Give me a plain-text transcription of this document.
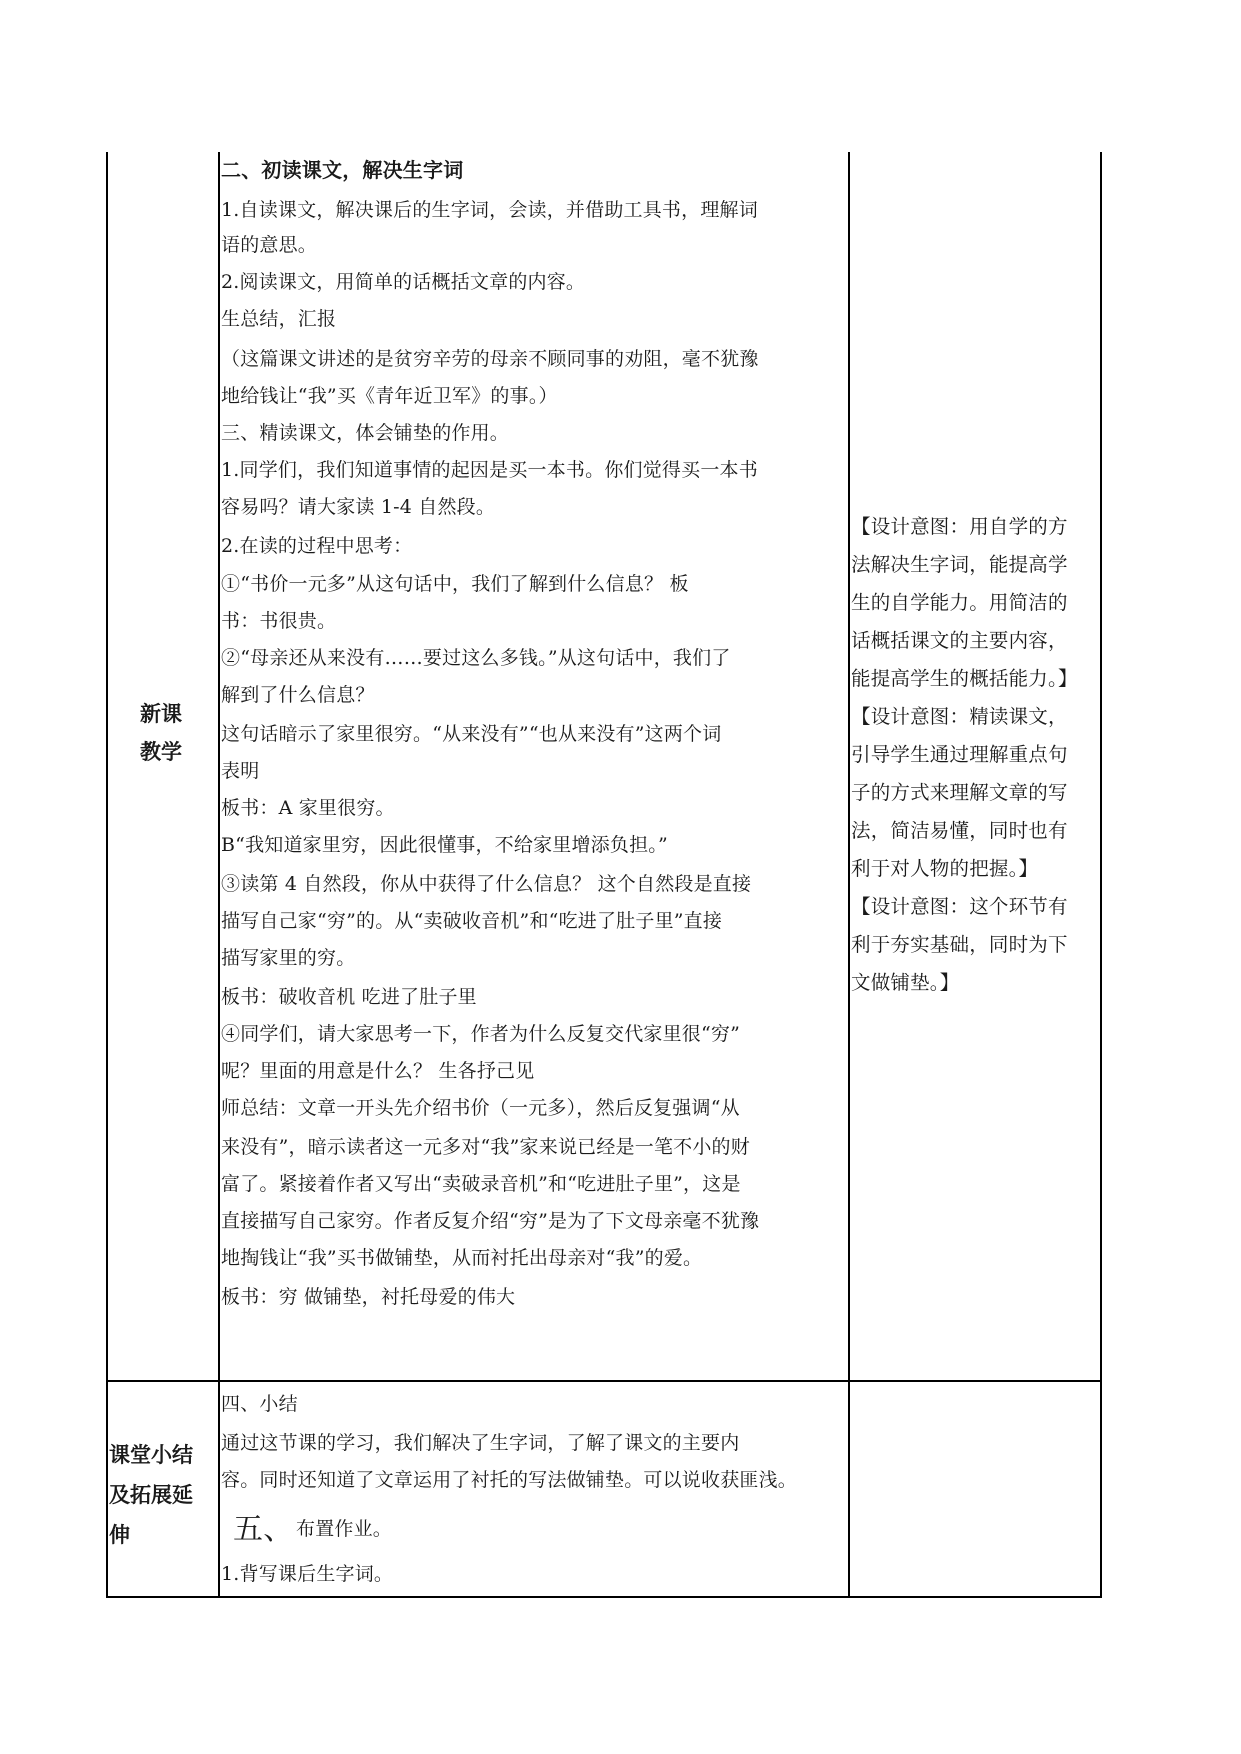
新课
教学
二、初读课文，解决生字词
1.自读课文，解决课后的生字词，会读，并借助工具书，理解词
语的意思。
2.阅读课文，用简单的话概括文章的内容。
生总结，汇报
（这篇课文讲述的是贫穷辛劳的母亲不顾同事的劝阻，毫不犹豫
地给钱让“我”买《青年近卫军》的事。）
三、精读课文，体会铺垫的作用。
1.同学们，我们知道事情的起因是买一本书。你们觉得买一本书
容易吗？请大家读 1-4 自然段。
2.在读的过程中思考：
①“书价一元多”从这句话中，我们了解到什么信息？ 板
书：书很贵。
②“母亲还从来没有……要过这么多钱。”从这句话中，我们了
解到了什么信息？
这句话暗示了家里很穷。“从来没有”“也从来没有”这两个词
表明
板书：A 家里很穷。
B“我知道家里穷，因此很懂事，不给家里增添负担。”
③读第 4 自然段，你从中获得了什么信息？ 这个自然段是直接
描写自己家“穷”的。从“卖破收音机”和“吃进了肚子里”直接
描写家里的穷。
板书：破收音机 吃进了肚子里
④同学们，请大家思考一下，作者为什么反复交代家里很“穷”
呢？里面的用意是什么？ 生各抒己见
师总结：文章一开头先介绍书价（一元多），然后反复强调“从
来没有”，暗示读者这一元多对“我”家来说已经是一笔不小的财
富了。紧接着作者又写出“卖破录音机”和“吃进肚子里”，这是
直接描写自己家穷。作者反复介绍“穷”是为了下文母亲毫不犹豫
地掏钱让“我”买书做铺垫，从而衬托出母亲对“我”的爱。
板书：穷 做铺垫，衬托母爱的伟大
【设计意图：用自学的方
法解决生字词，能提高学
生的自学能力。用简洁的
话概括课文的主要内容，
能提高学生的概括能力。】
【设计意图：精读课文，
引导学生通过理解重点句
子的方式来理解文章的写
法，简洁易懂，同时也有
利于对人物的把握。】
【设计意图：这个环节有
利于夯实基础，同时为下
文做铺垫。】
课堂小结
及拓展延
伸
四、小结
通过这节课的学习，我们解决了生字词，了解了课文的主要内
容。同时还知道了文章运用了衬托的写法做铺垫。可以说收获匪浅。
五、 布置作业。
1.背写课后生字词。
